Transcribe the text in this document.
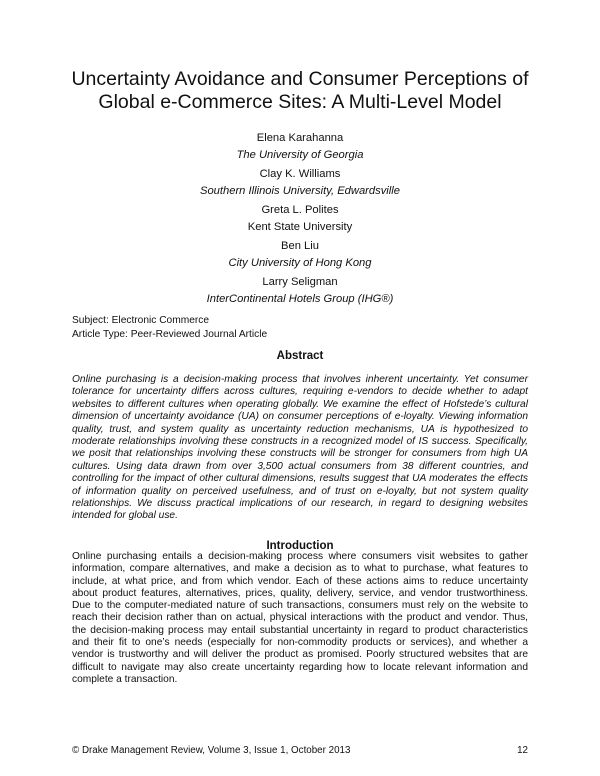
Uncertainty Avoidance and Consumer Perceptions of
Global e-Commerce Sites: A Multi-Level Model
Elena Karahanna
The University of Georgia
Clay K. Williams
Southern Illinois University, Edwardsville
Greta L. Polites
Kent State University
Ben Liu
City University of Hong Kong
Larry Seligman
InterContinental Hotels Group (IHG®)
Subject: Electronic Commerce
Article Type: Peer-Reviewed Journal Article
Abstract
Online purchasing is a decision-making process that involves inherent uncertainty. Yet consumer tolerance for uncertainty differs across cultures, requiring e-vendors to decide whether to adapt websites to different cultures when operating globally. We examine the effect of Hofstede’s cultural dimension of uncertainty avoidance (UA) on consumer perceptions of e-loyalty. Viewing information quality, trust, and system quality as uncertainty reduction mechanisms, UA is hypothesized to moderate relationships involving these constructs in a recognized model of IS success. Specifically, we posit that relationships involving these constructs will be stronger for consumers from high UA cultures. Using data drawn from over 3,500 actual consumers from 38 different countries, and controlling for the impact of other cultural dimensions, results suggest that UA moderates the effects of information quality on perceived usefulness, and of trust on e-loyalty, but not system quality relationships. We discuss practical implications of our research, in regard to designing websites intended for global use.
Introduction
Online purchasing entails a decision-making process where consumers visit websites to gather information, compare alternatives, and make a decision as to what to purchase, what features to include, at what price, and from which vendor. Each of these actions aims to reduce uncertainty about product features, alternatives, prices, quality, delivery, service, and vendor trustworthiness. Due to the computer-mediated nature of such transactions, consumers must rely on the website to reach their decision rather than on actual, physical interactions with the product and vendor. Thus, the decision-making process may entail substantial uncertainty in regard to product characteristics and their fit to one’s needs (especially for non-commodity products or services), and whether a vendor is trustworthy and will deliver the product as promised. Poorly structured websites that are difficult to navigate may also create uncertainty regarding how to locate relevant information and complete a transaction.
© Drake Management Review, Volume 3, Issue 1, October 2013	12
